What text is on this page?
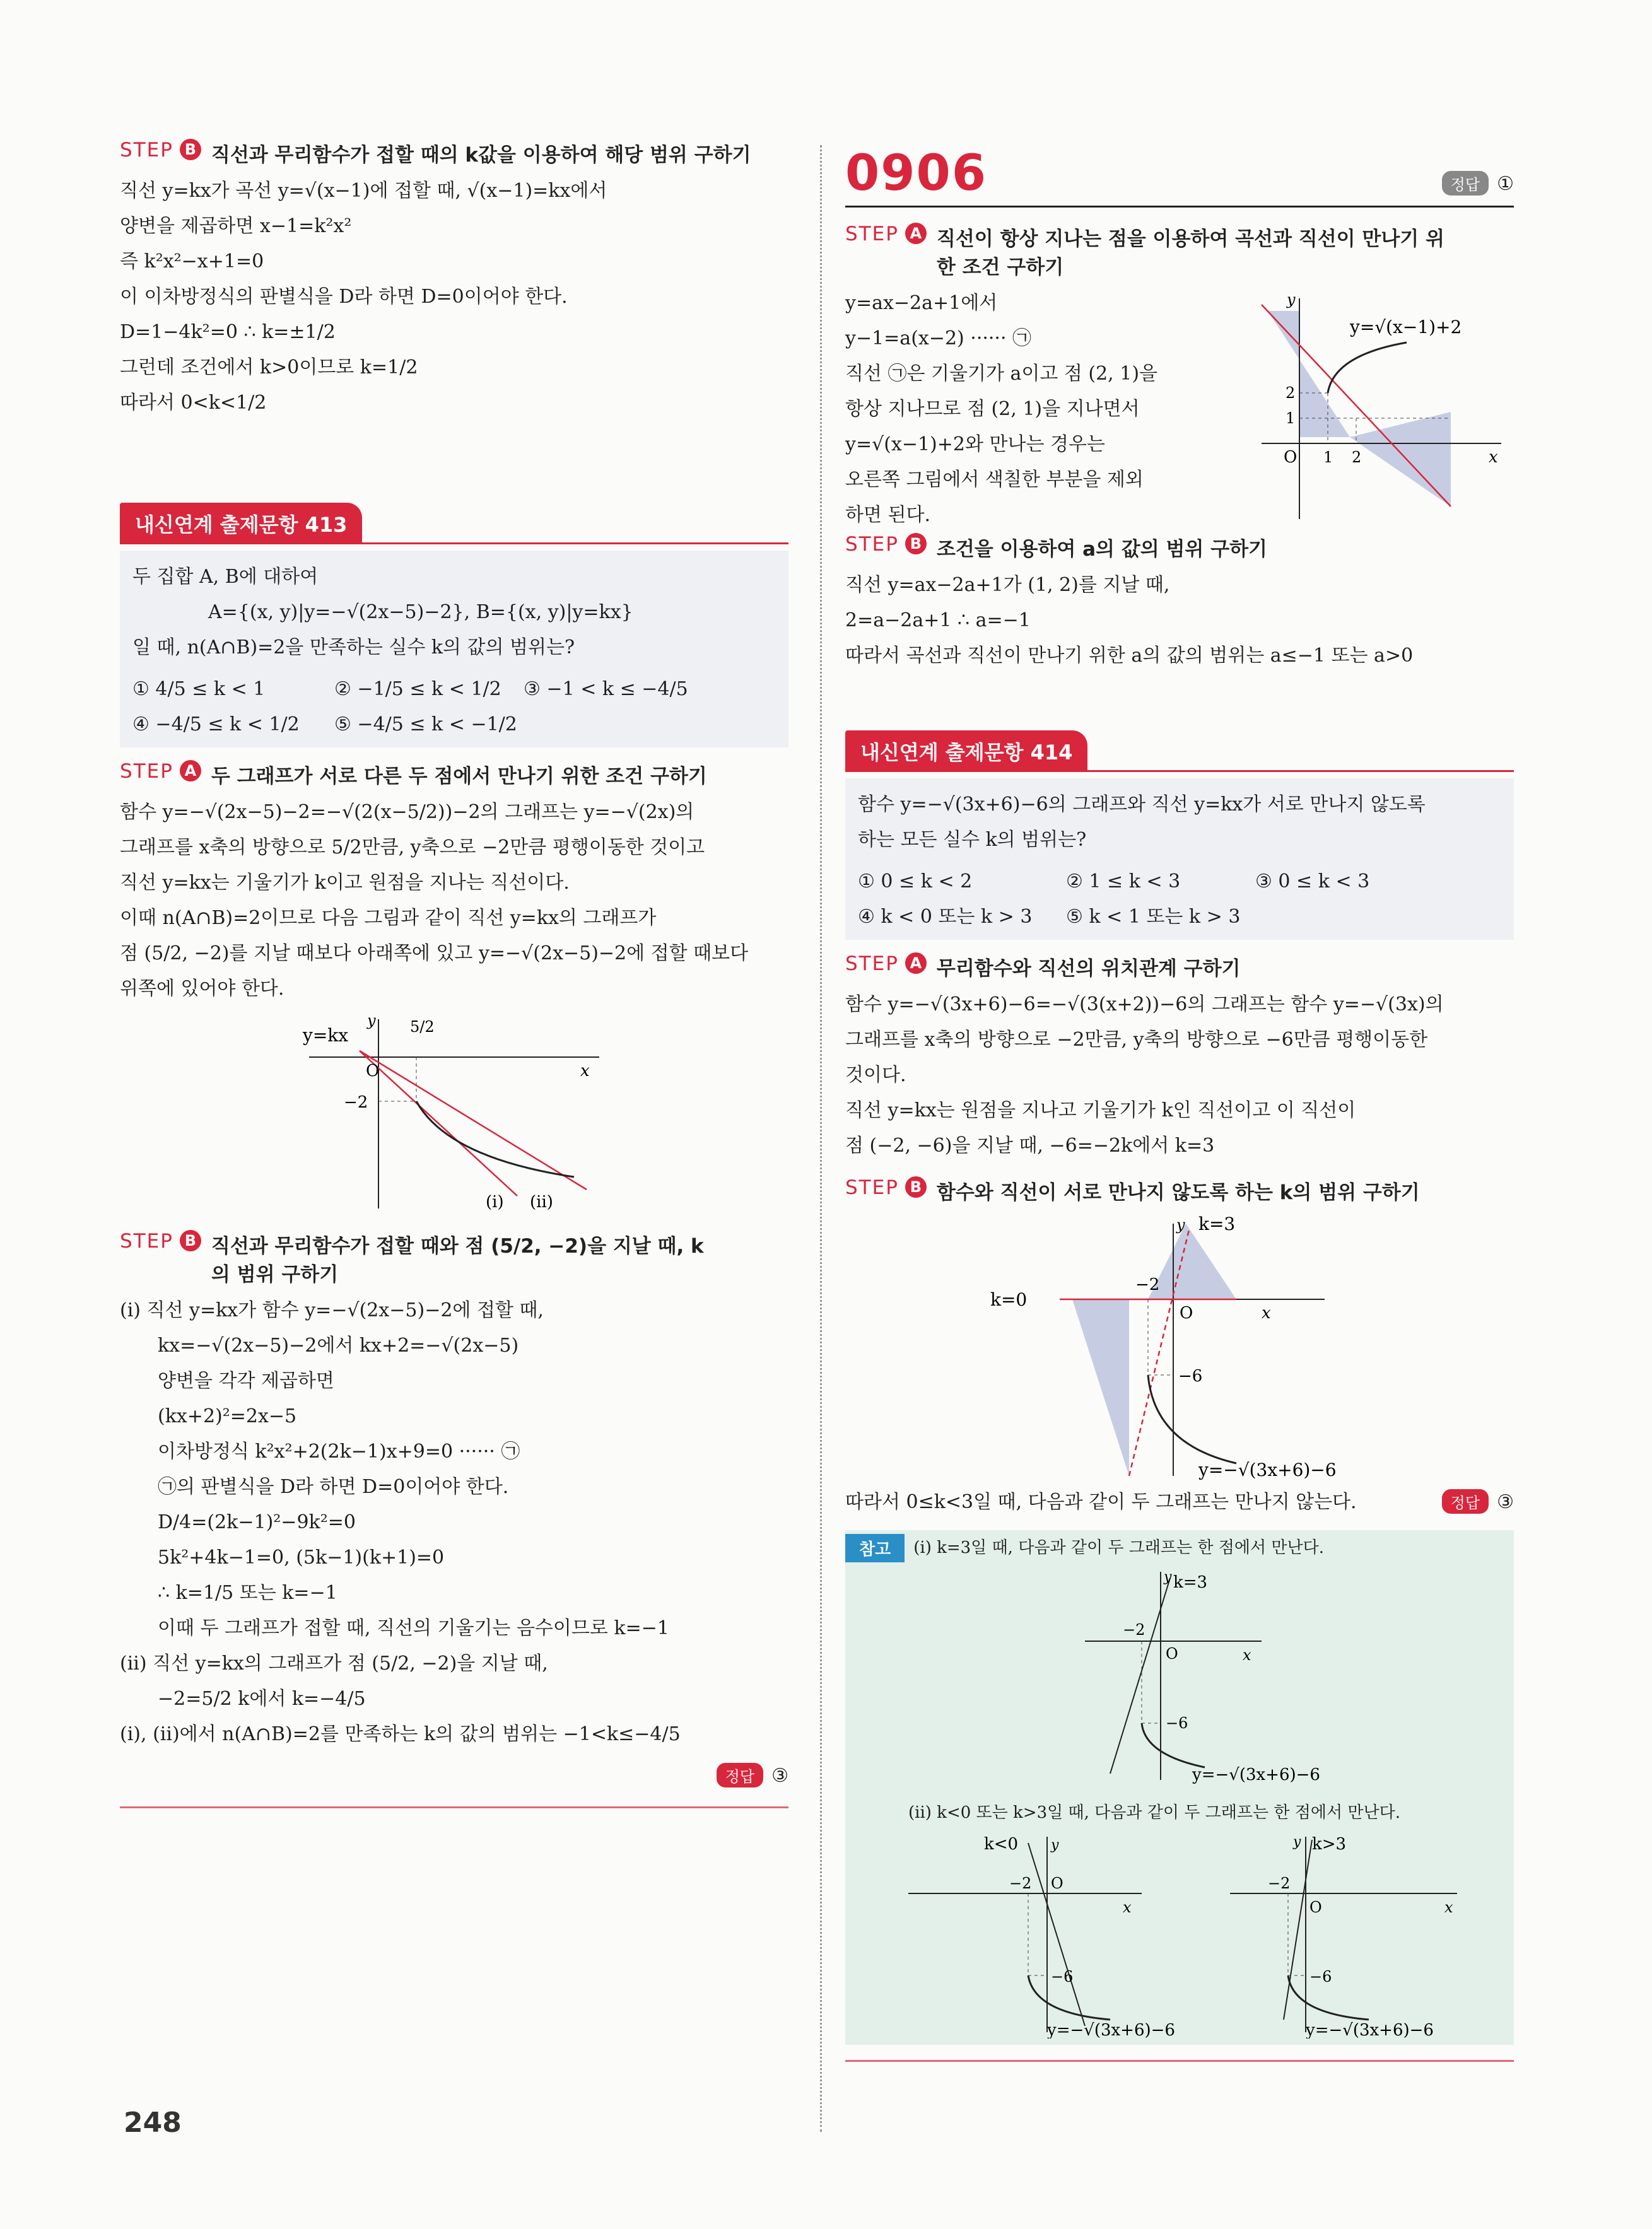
STEP B 직선과 무리함수가 접할 때의 k값을 이용하여 해당 범위 구하기
직선 y=kx가 곡선 y=√(x−1)에 접할 때, √(x−1)=kx에서
양변을 제곱하면 x−1=k²x²
즉 k²x²−x+1=0
이 이차방정식의 판별식을 D라 하면 D=0이어야 한다.
D=1−4k²=0 ∴ k=±1/2
그런데 조건에서 k>0이므로 k=1/2
따라서 0<k<1/2
내신연계 출제문항 413
두 집합 A, B에 대하여
A={(x, y)|y=−√(2x−5)−2}, B={(x, y)|y=kx}
일 때, n(A∩B)=2을 만족하는 실수 k의 값의 범위는?
① 4/5 ≤ k < 1	② −1/5 ≤ k < 1/2	③ −1 < k ≤ −4/5
④ −4/5 ≤ k < 1/2	⑤ −4/5 ≤ k < −1/2
STEP A 두 그래프가 서로 다른 두 점에서 만나기 위한 조건 구하기
함수 y=−√(2x−5)−2=−√(2(x−5/2))−2의 그래프는 y=−√(2x)의
그래프를 x축의 방향으로 5/2만큼, y축으로 −2만큼 평행이동한 것이고
직선 y=kx는 기울기가 k이고 원점을 지나는 직선이다.
이때 n(A∩B)=2이므로 다음 그림과 같이 직선 y=kx의 그래프가
점 (5/2, −2)를 지날 때보다 아래쪽에 있고 y=−√(2x−5)−2에 접할 때보다
위쪽에 있어야 한다.
y=kx
y
x
O
5/2
−2
(i) (ii)
STEP B 직선과 무리함수가 접할 때와 점 (5/2, −2)을 지날 때, k의 범위 구하기
(i) 직선 y=kx가 함수 y=−√(2x−5)−2에 접할 때,
kx=−√(2x−5)−2에서 kx+2=−√(2x−5)
양변을 각각 제곱하면
(kx+2)²=2x−5
이차방정식 k²x²+2(2k−1)x+9=0 ······ ㉠
㉠의 판별식을 D라 하면 D=0이어야 한다.
D/4=(2k−1)²−9k²=0
5k²+4k−1=0, (5k−1)(k+1)=0
∴ k=1/5 또는 k=−1
이때 두 그래프가 접할 때, 직선의 기울기는 음수이므로 k=−1
(ii) 직선 y=kx의 그래프가 점 (5/2, −2)을 지날 때,
−2=5/2 k에서 k=−4/5
(i), (ii)에서 n(A∩B)=2를 만족하는 k의 값의 범위는 −1<k≤−4/5
정답 ③
0906	정답 ①
STEP A 직선이 항상 지나는 점을 이용하여 곡선과 직선이 만나기 위한 조건 구하기
y=ax−2a+1에서
y−1=a(x−2) ······ ㉠
직선 ㉠은 기울기가 a이고 점 (2, 1)을
항상 지나므로 점 (2, 1)을 지나면서
y=√(x−1)+2와 만나는 경우는
오른쪽 그림에서 색칠한 부분을 제외
하면 된다.
y=√(x−1)+2
y
x
O 1 2
1
2
STEP B 조건을 이용하여 a의 값의 범위 구하기
직선 y=ax−2a+1가 (1, 2)를 지날 때,
2=a−2a+1 ∴ a=−1
따라서 곡선과 직선이 만나기 위한 a의 값의 범위는 a≤−1 또는 a>0
내신연계 출제문항 414
함수 y=−√(3x+6)−6의 그래프와 직선 y=kx가 서로 만나지 않도록
하는 모든 실수 k의 범위는?
① 0 ≤ k < 2	② 1 ≤ k < 3	③ 0 ≤ k < 3
④ k < 0 또는 k > 3	⑤ k < 1 또는 k > 3
STEP A 무리함수와 직선의 위치관계 구하기
함수 y=−√(3x+6)−6=−√(3(x+2))−6의 그래프는 함수 y=−√(3x)의
그래프를 x축의 방향으로 −2만큼, y축의 방향으로 −6만큼 평행이동한
것이다.
직선 y=kx는 원점을 지나고 기울기가 k인 직선이고 이 직선이
점 (−2, −6)을 지날 때, −6=−2k에서 k=3
STEP B 함수와 직선이 서로 만나지 않도록 하는 k의 범위 구하기
k=3
k=0
y
x
O
−2
−6
y=−√(3x+6)−6
따라서 0≤k<3일 때, 다음과 같이 두 그래프는 만나지 않는다.	정답 ③
참고	(i) k=3일 때, 다음과 같이 두 그래프는 한 점에서 만난다.
k=3
y
x
O
−2
−6
y=−√(3x+6)−6
(ii) k<0 또는 k>3일 때, 다음과 같이 두 그래프는 한 점에서 만난다.
k<0 y
x
O
−2
−6
y=−√(3x+6)−6
k>3
y
x
O
−2
−6
y=−√(3x+6)−6
248
